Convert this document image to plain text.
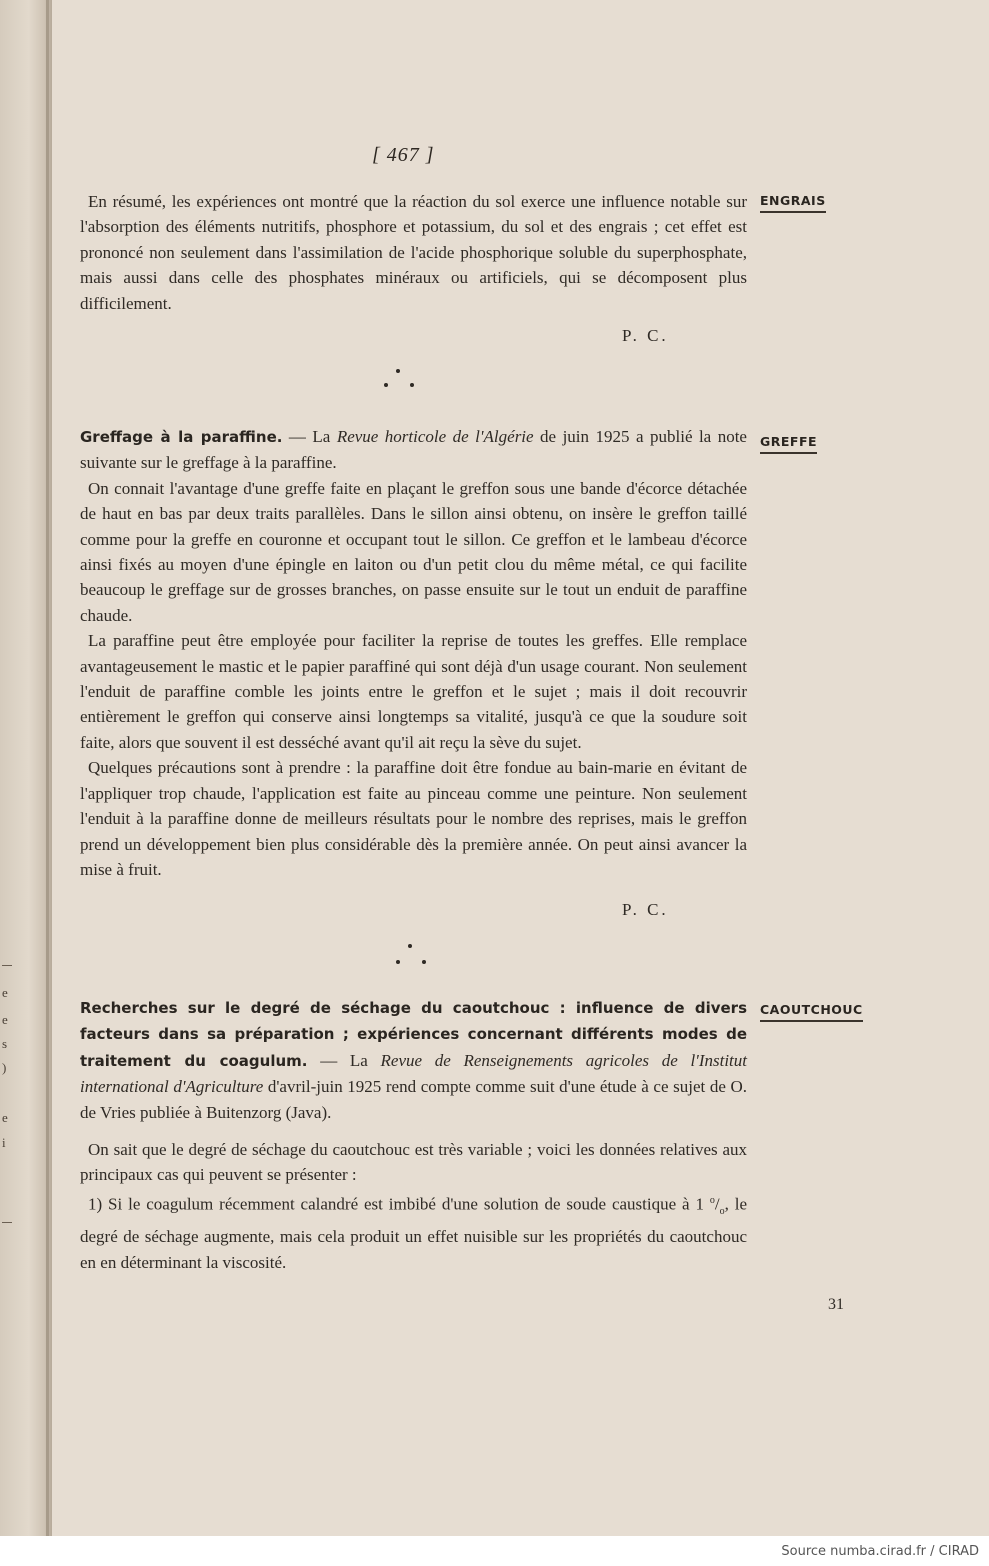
e
e
s
)
e
i
[ 467 ]
ENGRAIS

En résumé, les expériences ont montré que la réaction du sol exerce une influence notable sur l'absorption des éléments nutritifs, phosphore et potassium, du sol et des engrais ; cet effet est prononcé non seulement dans l'assimilation de l'acide phosphorique soluble du superphosphate, mais aussi dans celle des phosphates minéraux ou artificiels, qui se décomposent plus difficilement.

P. C.
GREFFE

Greffage à la paraffine. — La Revue horticole de l'Algérie de juin 1925 a publié la note suivante sur le greffage à la paraffine.

On connait l'avantage d'une greffe faite en plaçant le greffon sous une bande d'écorce détachée de haut en bas par deux traits parallèles. Dans le sillon ainsi obtenu, on insère le greffon taillé comme pour la greffe en couronne et occupant tout le sillon. Ce greffon et le lambeau d'écorce ainsi fixés au moyen d'une épingle en laiton ou d'un petit clou du même métal, ce qui facilite beaucoup le greffage sur de grosses branches, on passe ensuite sur le tout un enduit de paraffine chaude.

La paraffine peut être employée pour faciliter la reprise de toutes les greffes. Elle remplace avantageusement le mastic et le papier paraffiné qui sont déjà d'un usage courant. Non seulement l'enduit de paraffine comble les joints entre le greffon et le sujet ; mais il doit recouvrir entièrement le greffon qui conserve ainsi longtemps sa vitalité, jusqu'à ce que la soudure soit faite, alors que souvent il est desséché avant qu'il ait reçu la sève du sujet.

Quelques précautions sont à prendre : la paraffine doit être fondue au bain-marie en évitant de l'appliquer trop chaude, l'application est faite au pinceau comme une peinture. Non seulement l'enduit à la paraffine donne de meilleurs résultats pour le nombre des reprises, mais le greffon prend un développement bien plus considérable dès la première année. On peut ainsi avancer la mise à fruit.

P. C.
CAOUTCHOUC

Recherches sur le degré de séchage du caoutchouc : influence de divers facteurs dans sa préparation ; expériences concernant différents modes de traitement du coagulum. — La Revue de Renseignements agricoles de l'Institut international d'Agriculture d'avril-juin 1925 rend compte comme suit d'une étude à ce sujet de O. de Vries publiée à Buitenzorg (Java).

On sait que le degré de séchage du caoutchouc est très variable ; voici les données relatives aux principaux cas qui peuvent se présenter :

1) Si le coagulum récemment calandré est imbibé d'une solution de soude caustique à 1 $^o/_o$, le degré de séchage augmente, mais cela produit un effet nuisible sur les propriétés du caoutchouc en en déterminant la viscosité.

31
Source numba.cirad.fr / CIRAD
